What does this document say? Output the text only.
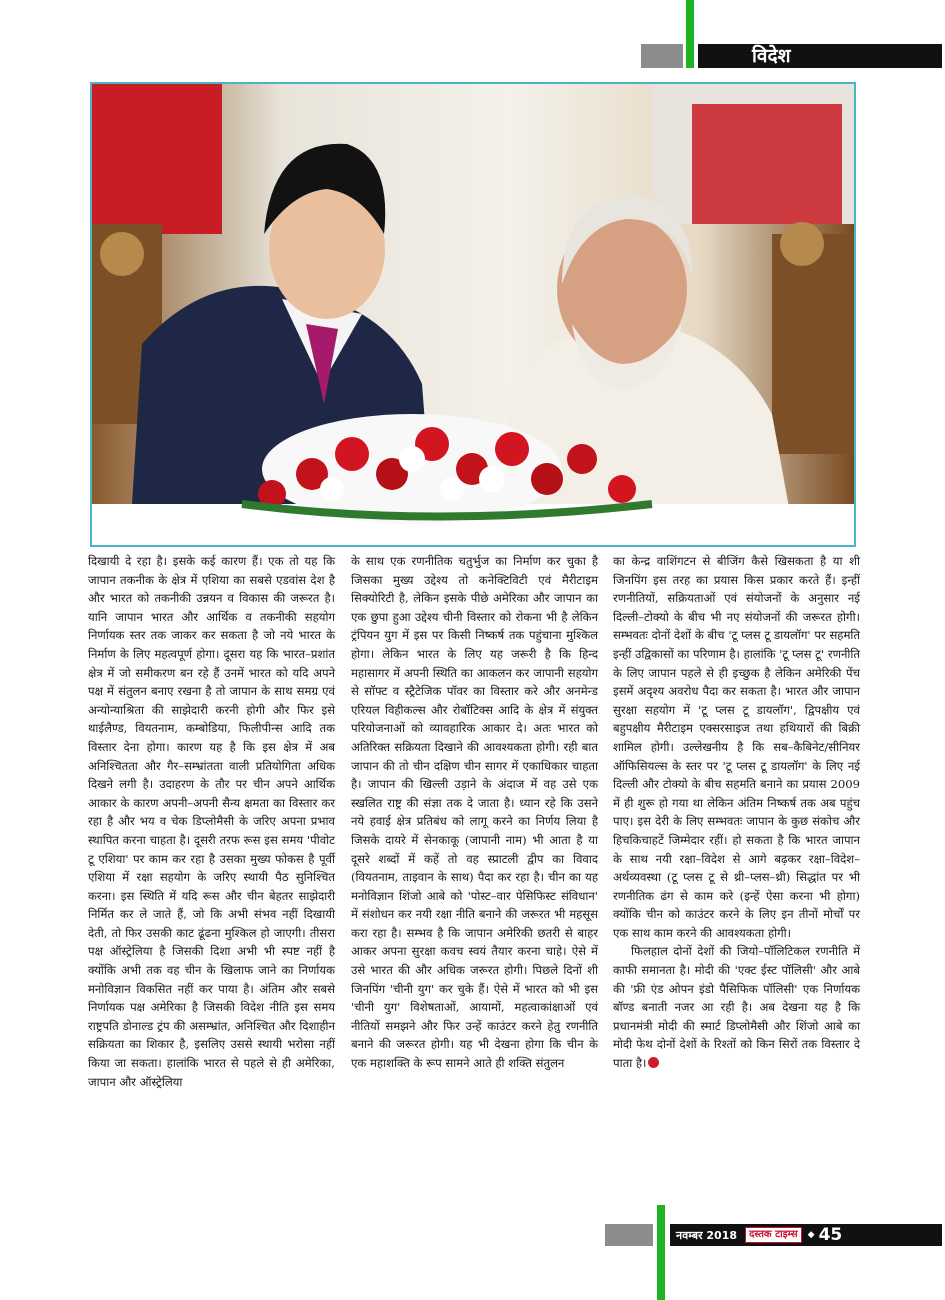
विदेश

दिखायी दे रहा है। इसके कई कारण हैं। एक तो यह कि जापान तकनीक के क्षेत्र में एशिया का सबसे एडवांस देश है और भारत को तकनीकी उन्नयन व विकास की जरूरत है। यानि जापान भारत और आर्थिक व तकनीकी सहयोग निर्णायक स्तर तक जाकर कर सकता है जो नये भारत के निर्माण के लिए महत्वपूर्ण होगा। दूसरा यह कि भारत–प्रशांत क्षेत्र में जो समीकरण बन रहे हैं उनमें भारत को यदि अपने पक्ष में संतुलन बनाए रखना है तो जापान के साथ समग्र एवं अन्योन्याश्रिता की साझेदारी करनी होगी और फिर इसे थाईलैण्ड, वियतनाम, कम्बोडिया, फिलीपीन्स आदि तक विस्तार देना होगा। कारण यह है कि इस क्षेत्र में अब अनिश्चितता और गैर–सम्भ्रांतता वाली प्रतियोगिता अधिक दिखने लगी है। उदाहरण के तौर पर चीन अपने आर्थिक आकार के कारण अपनी–अपनी सैन्य क्षमता का विस्तार कर रहा है और भय व चेक डिप्लोमैसी के जरिए अपना प्रभाव स्थापित करना चाहता है। दूसरी तरफ रूस इस समय 'पीवोट टू एशिया' पर काम कर रहा है उसका मुख्य फोकस है पूर्वी एशिया में रक्षा सहयोग के जरिए स्थायी पैठ सुनिश्चित करना। इस स्थिति में यदि रूस और चीन बेहतर साझेदारी निर्मित कर ले जाते हैं, जो कि अभी संभव नहीं दिखायी देती, तो फिर उसकी काट ढूंढना मुश्किल हो जाएगी। तीसरा पक्ष ऑस्ट्रेलिया है जिसकी दिशा अभी भी स्पष्ट नहीं है क्योंकि अभी तक वह चीन के खिलाफ जाने का निर्णायक मनोविज्ञान विकसित नहीं कर पाया है। अंतिम और सबसे निर्णायक पक्ष अमेरिका है जिसकी विदेश नीति इस समय राष्ट्रपति डोनाल्ड ट्रंप की असम्भ्रांत, अनिश्चित और दिशाहीन सक्रियता का शिकार है, इसलिए उससे स्थायी भरोसा नहीं किया जा सकता। हालांकि भारत से पहले से ही अमेरिका, जापान और ऑस्ट्रेलिया

के साथ एक रणनीतिक चतुर्भुज का निर्माण कर चुका है जिसका मुख्य उद्देश्य तो कनेक्टिविटी एवं मैरीटाइम सिक्योरिटी है, लेकिन इसके पीछे अमेरिका और जापान का एक छुपा हुआ उद्देश्य चीनी विस्तार को रोकना भी है लेकिन ट्रंपियन युग में इस पर किसी निष्कर्ष तक पहुंचाना मुश्किल होगा। लेकिन भारत के लिए यह जरूरी है कि हिन्द महासागर में अपनी स्थिति का आकलन कर जापानी सहयोग से सॉफ्ट व स्ट्रैटेजिक पॉवर का विस्तार करे और अनमेन्ड एरियल विहीकल्स और रोबॉटिक्स आदि के क्षेत्र में संयुक्त परियोजनाओं को व्यावहारिक आकार दे। अतः भारत को अतिरिक्त सक्रियता दिखाने की आवश्यकता होगी। रही बात जापान की तो चीन दक्षिण चीन सागर में एकाधिकार चाहता है। जापान की खिल्ली उड़ाने के अंदाज में वह उसे एक स्खलित राष्ट्र की संज्ञा तक दे जाता है। ध्यान रहे कि उसने नये हवाई क्षेत्र प्रतिबंध को लागू करने का निर्णय लिया है जिसके दायरे में सेनकाकू (जापानी नाम) भी आता है या दूसरे शब्दों में कहें तो वह स्प्राटली द्वीप का विवाद (वियतनाम, ताइवान के साथ) पैदा कर रहा है। चीन का यह मनोविज्ञान शिंजो आबे को 'पोस्ट–वार पेसिफिस्ट संविधान' में संशोधन कर नयी रक्षा नीति बनाने की जरूरत भी महसूस करा रहा है। सम्भव है कि जापान अमेरिकी छतरी से बाहर आकर अपना सुरक्षा कवच स्वयं तैयार करना चाहे। ऐसे में उसे भारत की और अधिक जरूरत होगी। पिछले दिनों शी जिनपिंग 'चीनी युग' कर चुके हैं। ऐसे में भारत को भी इस 'चीनी युग' विशेषताओं, आयामों, महत्वाकांक्षाओं एवं नीतियों समझने और फिर उन्हें काउंटर करने हेतु रणनीति बनाने की जरूरत होगी। यह भी देखना होगा कि चीन के एक महाशक्ति के रूप सामने आते ही शक्ति संतुलन

का केन्द्र वाशिंगटन से बीजिंग कैसे खिसकता है या शी जिनपिंग इस तरह का प्रयास किस प्रकार करते हैं। इन्हीं रणनीतियों, सक्रियताओं एवं संयोजनों के अनुसार नई दिल्ली–टोक्यो के बीच भी नए संयोजनों की जरूरत होगी। सम्भवतः दोनों देशों के बीच 'टू प्लस टू डायलॉग' पर सहमति इन्हीं उद्विकासों का परिणाम है। हालांकि 'टू प्लस टू' रणनीति के लिए जापान पहले से ही इच्छुक है लेकिन अमेरिकी पेंच इसमें अदृश्य अवरोध पैदा कर सकता है। भारत और जापान सुरक्षा सहयोग में 'टू प्लस टू डायलॉग', द्विपक्षीय एवं बहुपक्षीय मैरीटाइम एक्सरसाइज तथा हथियारों की बिक्री शामिल होगी। उल्लेखनीय है कि सब–कैबिनेट/सीनियर ऑफिसियल्स के स्तर पर 'टू प्लस टू डायलॉग' के लिए नई दिल्ली और टोक्यो के बीच सहमति बनाने का प्रयास 2009 में ही शुरू हो गया था लेकिन अंतिम निष्कर्ष तक अब पहुंच पाए। इस देरी के लिए सम्भवतः जापान के कुछ संकोच और हिचकिचाहटें जिम्मेदार रहीं। हो सकता है कि भारत जापान के साथ नयी रक्षा–विदेश से आगे बढ़कर रक्षा–विदेश–अर्थव्यवस्था (टू प्लस टू से थ्री–प्लस–थ्री) सिद्धांत पर भी रणनीतिक ढंग से काम करे (इन्हें ऐसा करना भी होगा) क्योंकि चीन को काउंटर करने के लिए इन तीनों मोर्चों पर एक साथ काम करने की आवश्यकता होगी।

फिलहाल दोनों देशों की जियो–पॉलिटिकल रणनीति में काफी समानता है। मोदी की 'एक्ट ईस्ट पॉलिसी' और आबे की 'फ्री एंड ओपन इंडो पैसिफिक पॉलिसी' एक निर्णायक बॉण्ड बनाती नजर आ रही है। अब देखना यह है कि प्रधानमंत्री मोदी की स्मार्ट डिप्लोमैसी और शिंजो आबे का मोदी फेथ दोनों देशों के रिश्तों को किन सिरों तक विस्तार दे पाता है।

नवम्बर 2018	दस्तक टाइम्स	◆ 45
